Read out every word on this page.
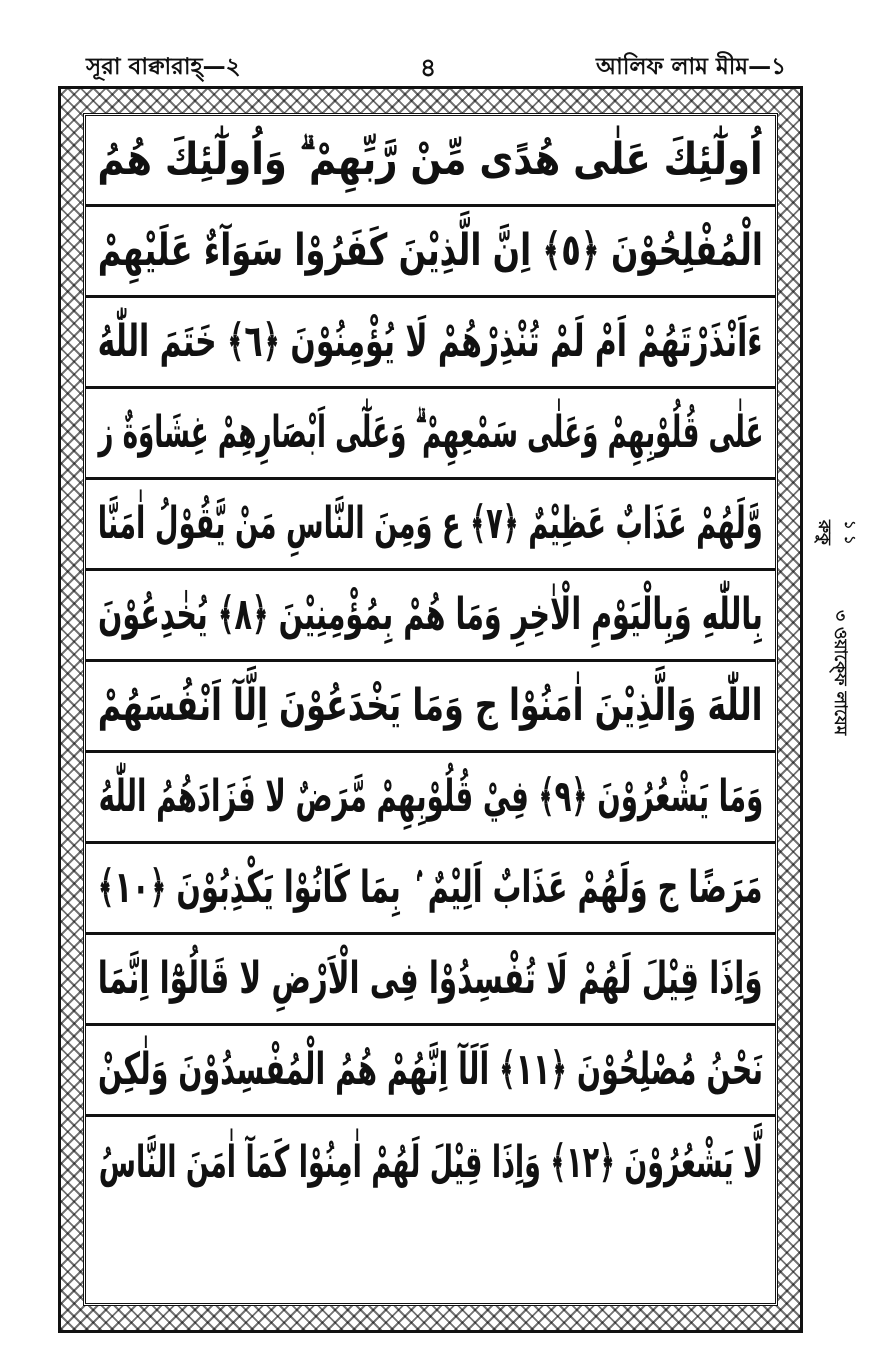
সূরা বাক্বারাহ্—২	৪	আলিফ লাম মীম—১
اُولٰٓئِكَ عَلٰى هُدًى مِّنْ رَّبِّهِمْ ۗ وَاُولٰٓئِكَ هُمُ
الْمُفْلِحُوْنَ ﴿٥﴾ اِنَّ الَّذِيْنَ كَفَرُوْا سَوَآءٌ عَلَيْهِمْ
ءَاَنْذَرْتَهُمْ اَمْ لَمْ تُنْذِرْهُمْ لَا يُؤْمِنُوْنَ ﴿٦﴾ خَتَمَ اللّٰهُ
عَلٰى قُلُوْبِهِمْ وَعَلٰى سَمْعِهِمْ ۗ وَعَلٰٓى اَبْصَارِهِمْ غِشَاوَةٌ ز
وَّلَهُمْ عَذَابٌ عَظِيْمٌ ﴿٧﴾ ع وَمِنَ النَّاسِ مَنْ يَّقُوْلُ اٰمَنَّا
بِاللّٰهِ وَبِالْيَوْمِ الْاٰخِرِ وَمَا هُمْ بِمُؤْمِنِيْنَ ﴿٨﴾ يُخٰدِعُوْنَ
اللّٰهَ وَالَّذِيْنَ اٰمَنُوْا ج وَمَا يَخْدَعُوْنَ اِلَّآ اَنْفُسَهُمْ
وَمَا يَشْعُرُوْنَ ﴿٩﴾ فِيْ قُلُوْبِهِمْ مَّرَضٌ لا فَزَادَهُمُ اللّٰهُ
مَرَضًا ج وَلَهُمْ عَذَابٌ اَلِيْمٌ ۢ بِمَا كَانُوْا يَكْذِبُوْنَ ﴿١٠﴾
وَاِذَا قِيْلَ لَهُمْ لَا تُفْسِدُوْا فِى الْاَرْضِ لا قَالُوْٓا اِنَّمَا
نَحْنُ مُصْلِحُوْنَ ﴿١١﴾ اَلَآ اِنَّهُمْ هُمُ الْمُفْسِدُوْنَ وَلٰكِنْ
لَّا يَشْعُرُوْنَ ﴿١٢﴾ وَاِذَا قِيْلَ لَهُمْ اٰمِنُوْا كَمَآ اٰمَنَ النَّاسُ
রুকু ১ ১
৩ ওয়াক্ফে লাযেম
